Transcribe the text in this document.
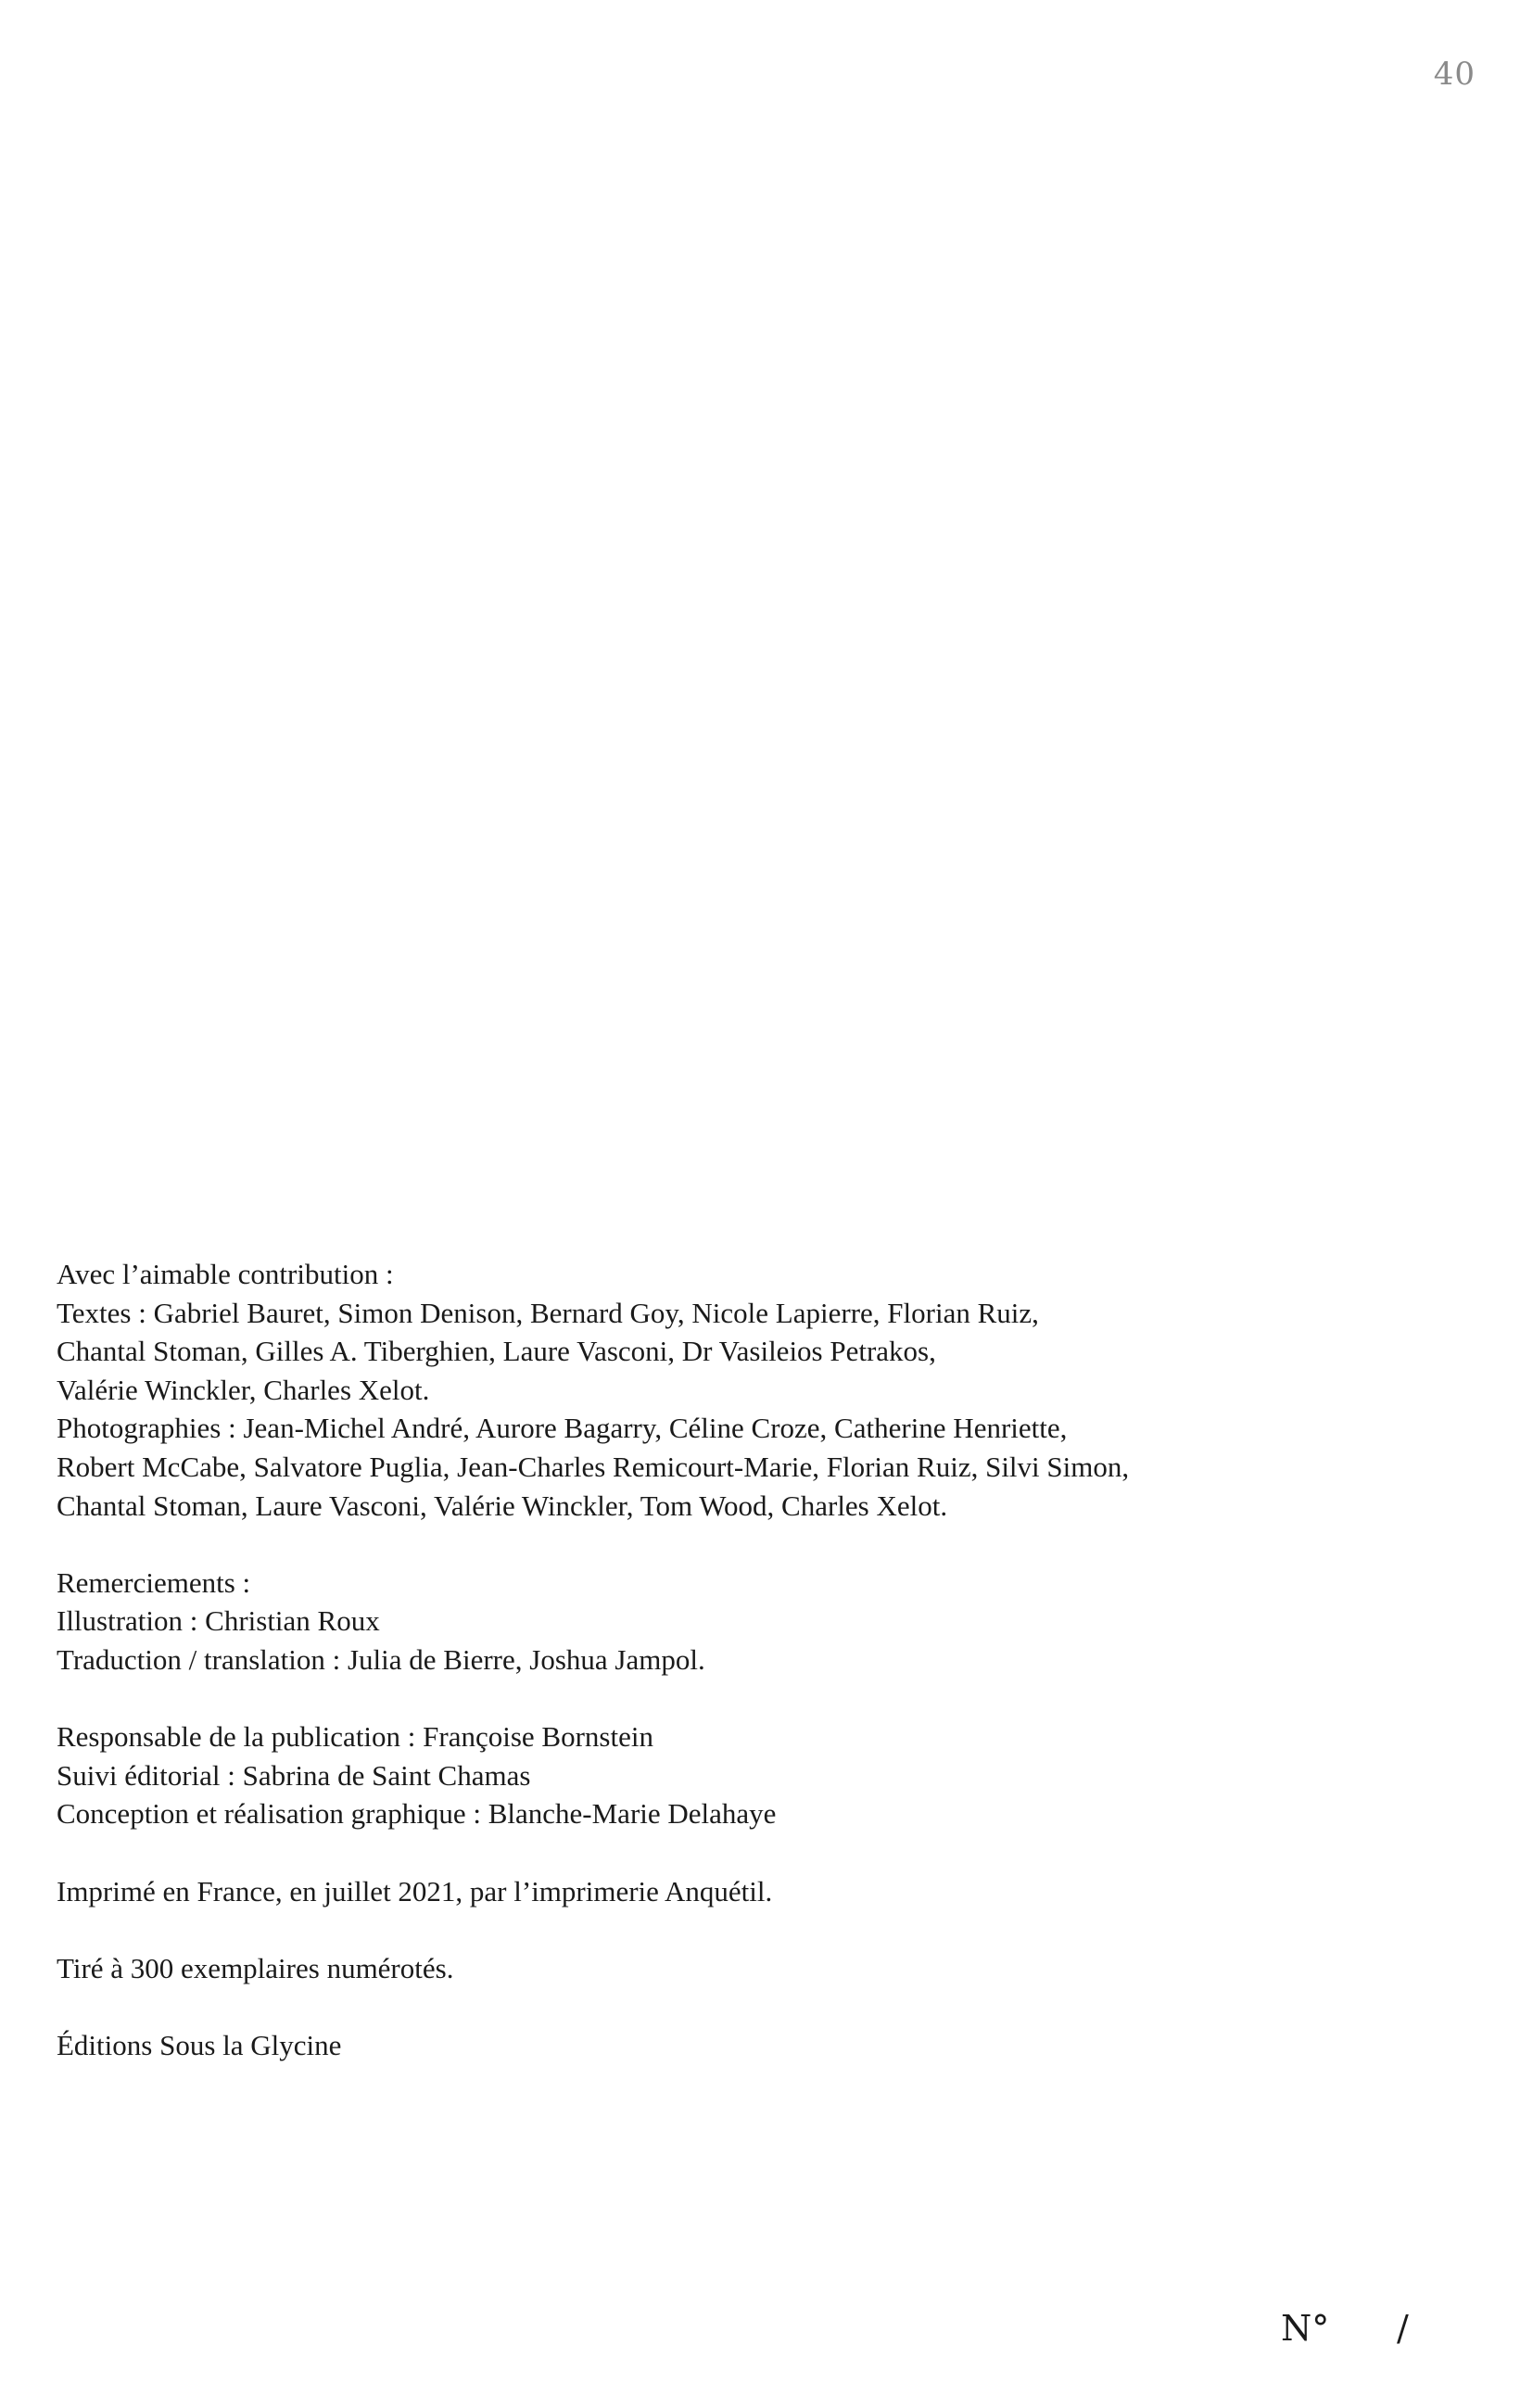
40
Avec l’aimable contribution :
Textes : Gabriel Bauret, Simon Denison, Bernard Goy, Nicole Lapierre, Florian Ruiz,
Chantal Stoman, Gilles A. Tiberghien, Laure Vasconi, Dr Vasileios Petrakos,
Valérie Winckler, Charles Xelot.
Photographies : Jean-Michel André, Aurore Bagarry, Céline Croze, Catherine Henriette,
Robert McCabe, Salvatore Puglia, Jean-Charles Remicourt-Marie, Florian Ruiz, Silvi Simon,
Chantal Stoman, Laure Vasconi, Valérie Winckler, Tom Wood, Charles Xelot.
Remerciements :
Illustration : Christian Roux
Traduction / translation : Julia de Bierre, Joshua Jampol.
Responsable de la publication : Françoise Bornstein
Suivi éditorial : Sabrina de Saint Chamas
Conception et réalisation graphique : Blanche-Marie Delahaye
Imprimé en France, en juillet 2021, par l’imprimerie Anquétil.
Tiré à 300 exemplaires numérotés.
Éditions Sous la Glycine
N° /
